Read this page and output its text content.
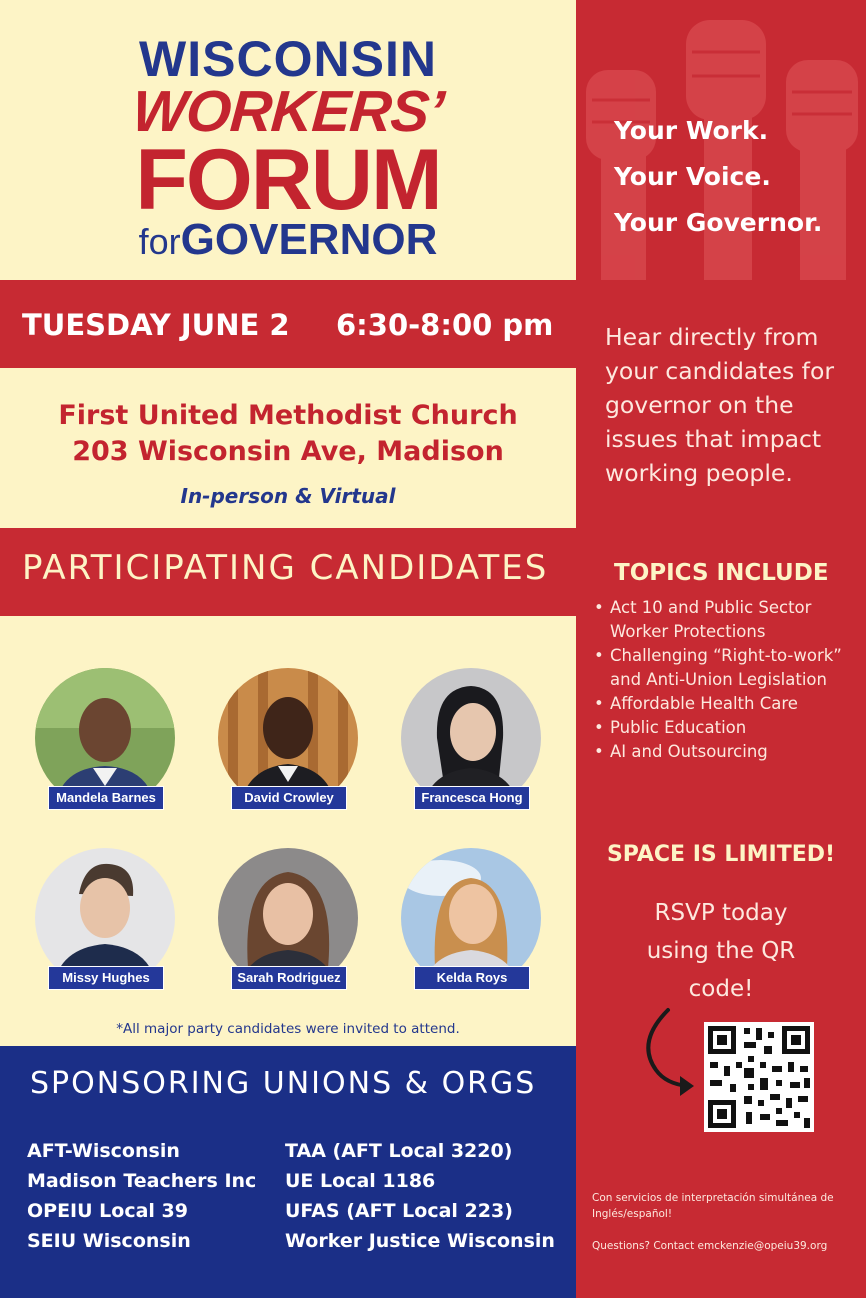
WISCONSIN
WORKERS’
FORUM
forGOVERNOR
TUESDAY JUNE 2 6:30-8:00 pm
First United Methodist Church
203 Wisconsin Ave, Madison
In-person & Virtual
PARTICIPATING CANDIDATES
Mandela Barnes	David Crowley	Francesca Hong
Missy Hughes	Sarah Rodriguez	Kelda Roys
*All major party candidates were invited to attend.
SPONSORING UNIONS & ORGS
AFT-Wisconsin
Madison Teachers Inc
OPEIU Local 39
SEIU Wisconsin
TAA (AFT Local 3220)
UE Local 1186
UFAS (AFT Local 223)
Worker Justice Wisconsin
Your Work.
Your Voice.
Your Governor.
Hear directly from your candidates for governor on the issues that impact working people.
TOPICS INCLUDE
• Act 10 and Public Sector Worker Protections
• Challenging “Right-to-work” and Anti-Union Legislation
• Affordable Health Care
• Public Education
• AI and Outsourcing
SPACE IS LIMITED!
RSVP today
using the QR
code!
Con servicios de interpretación simultánea de Inglés/español!
Questions? Contact emckenzie@opeiu39.org
